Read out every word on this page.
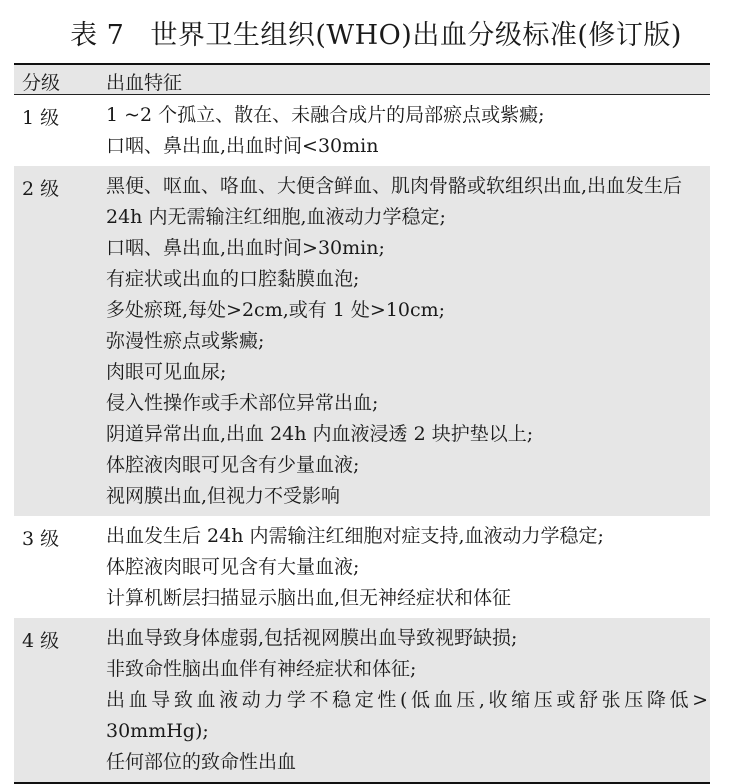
表 7 世界卫生组织(WHO)出血分级标准(修订版)
分级 出血特征
1 级 1 ~2 个孤立、散在、未融合成片的局部瘀点或紫癜;
口咽、鼻出血,出血时间<30min
2 级 黑便、呕血、咯血、大便含鲜血、肌肉骨骼或软组织出血,出血发生后
24h 内无需输注红细胞,血液动力学稳定;
口咽、鼻出血,出血时间>30min;
有症状或出血的口腔黏膜血泡;
多处瘀斑,每处>2cm,或有 1 处>10cm;
弥漫性瘀点或紫癜;
肉眼可见血尿;
侵入性操作或手术部位异常出血;
阴道异常出血,出血 24h 内血液浸透 2 块护垫以上;
体腔液肉眼可见含有少量血液;
视网膜出血,但视力不受影响
3 级 出血发生后 24h 内需输注红细胞对症支持,血液动力学稳定;
体腔液肉眼可见含有大量血液;
计算机断层扫描显示脑出血,但无神经症状和体征
4 级 出血导致身体虚弱,包括视网膜出血导致视野缺损;
非致命性脑出血伴有神经症状和体征;
出血导致血液动力学不稳定性(低血压,收缩压或舒张压降低>
30mmHg);
任何部位的致命性出血
